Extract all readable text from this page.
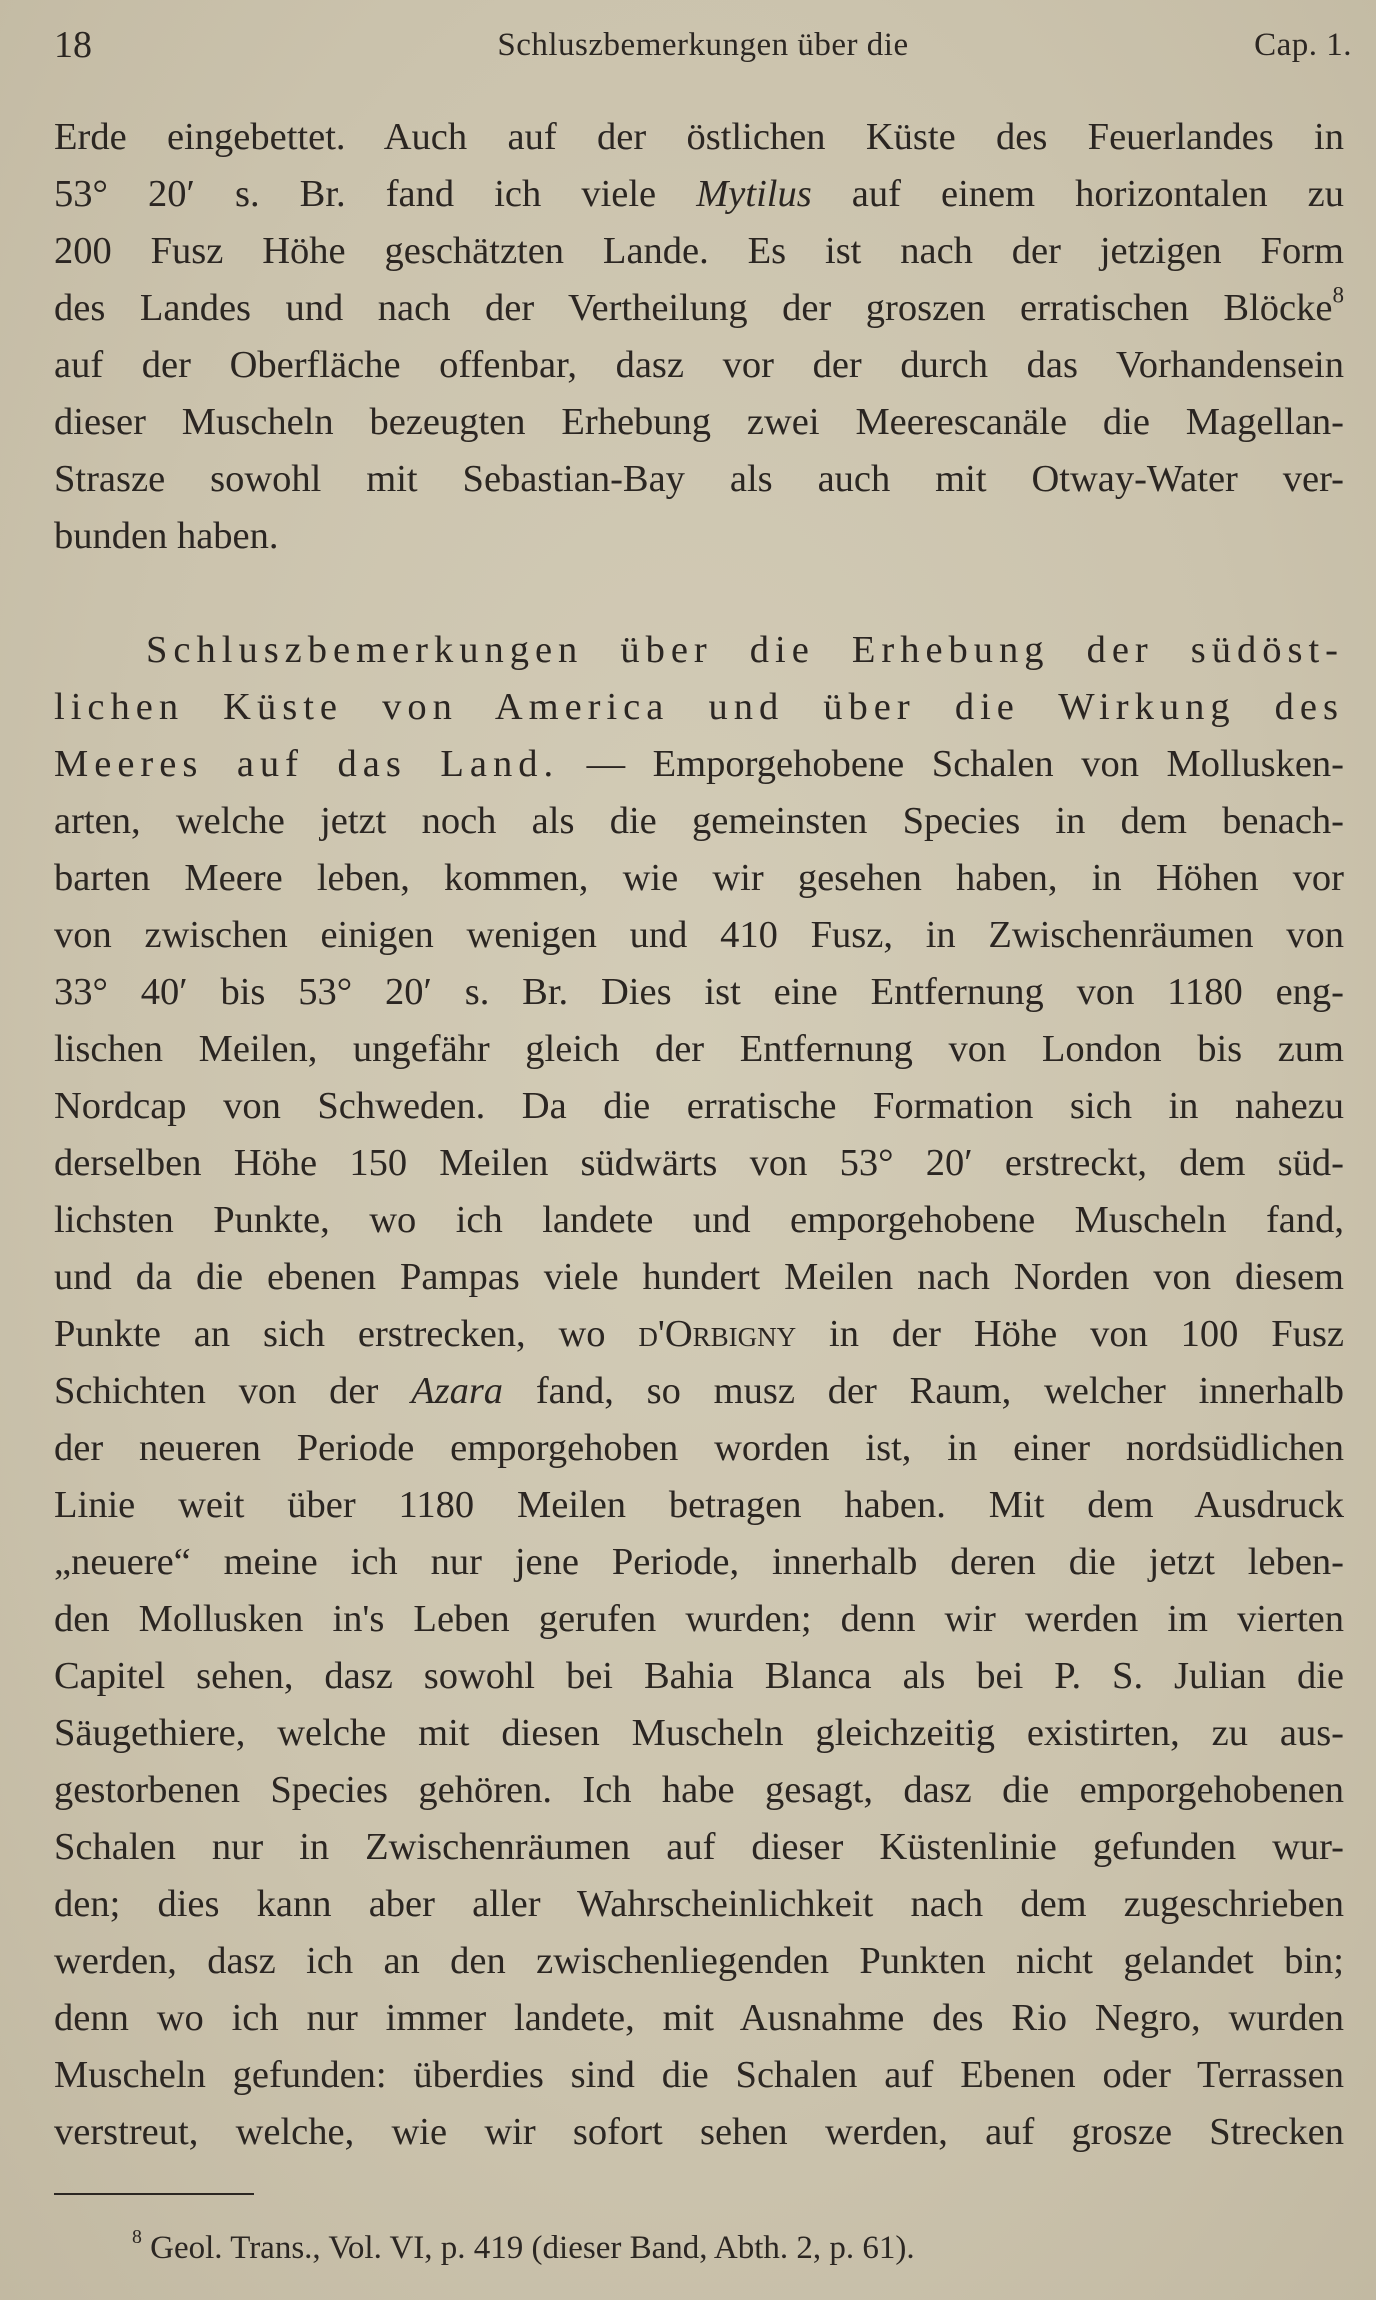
18	Schluszbemerkungen über die	Cap. 1.
Erde eingebettet. Auch auf der östlichen Küste des Feuerlandes in
53° 20′ s. Br. fand ich viele Mytilus auf einem horizontalen zu
200 Fusz Höhe geschätzten Lande. Es ist nach der jetzigen Form
des Landes und nach der Vertheilung der groszen erratischen Blöcke$^8$
auf der Oberfläche offenbar, dasz vor der durch das Vorhandensein
dieser Muscheln bezeugten Erhebung zwei Meerescanäle die Magellan-
Strasze sowohl mit Sebastian-Bay als auch mit Otway-Water ver-
bunden haben.
Schluszbemerkungen über die Erhebung der südöst-
lichen Küste von America und über die Wirkung des
Meeres auf das Land. — Emporgehobene Schalen von Mollusken-
arten, welche jetzt noch als die gemeinsten Species in dem benach-
barten Meere leben, kommen, wie wir gesehen haben, in Höhen vor
von zwischen einigen wenigen und 410 Fusz, in Zwischenräumen von
33° 40′ bis 53° 20′ s. Br. Dies ist eine Entfernung von 1180 eng-
lischen Meilen, ungefähr gleich der Entfernung von London bis zum
Nordcap von Schweden. Da die erratische Formation sich in nahezu
derselben Höhe 150 Meilen südwärts von 53° 20′ erstreckt, dem süd-
lichsten Punkte, wo ich landete und emporgehobene Muscheln fand,
und da die ebenen Pampas viele hundert Meilen nach Norden von diesem
Punkte an sich erstrecken, wo d'Orbigny in der Höhe von 100 Fusz
Schichten von der Azara fand, so musz der Raum, welcher innerhalb
der neueren Periode emporgehoben worden ist, in einer nordsüdlichen
Linie weit über 1180 Meilen betragen haben. Mit dem Ausdruck
„neuere“ meine ich nur jene Periode, innerhalb deren die jetzt leben-
den Mollusken in's Leben gerufen wurden; denn wir werden im vierten
Capitel sehen, dasz sowohl bei Bahia Blanca als bei P. S. Julian die
Säugethiere, welche mit diesen Muscheln gleichzeitig existirten, zu aus-
gestorbenen Species gehören. Ich habe gesagt, dasz die emporgehobenen
Schalen nur in Zwischenräumen auf dieser Küstenlinie gefunden wur-
den; dies kann aber aller Wahrscheinlichkeit nach dem zugeschrieben
werden, dasz ich an den zwischenliegenden Punkten nicht gelandet bin;
denn wo ich nur immer landete, mit Ausnahme des Rio Negro, wurden
Muscheln gefunden: überdies sind die Schalen auf Ebenen oder Terrassen
verstreut, welche, wie wir sofort sehen werden, auf grosze Strecken
$^8$ Geol. Trans., Vol. VI, p. 419 (dieser Band, Abth. 2, p. 61).
